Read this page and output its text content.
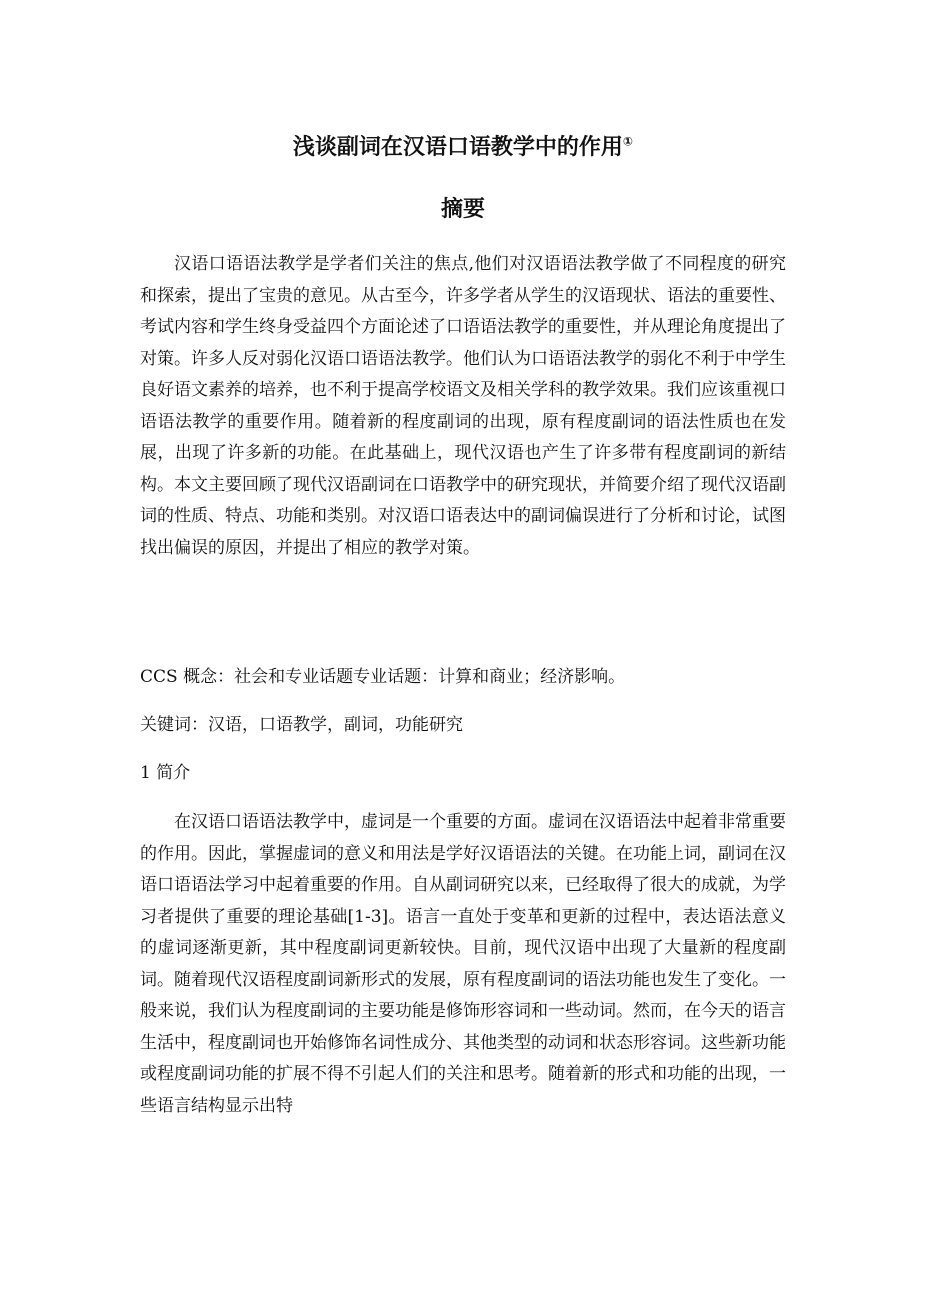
浅谈副词在汉语口语教学中的作用①
摘要

汉语口语语法教学是学者们关注的焦点,他们对汉语语法教学做了不同程度的研究和探索，提出了宝贵的意见。从古至今，许多学者从学生的汉语现状、语法的重要性、考试内容和学生终身受益四个方面论述了口语语法教学的重要性，并从理论角度提出了对策。许多人反对弱化汉语口语语法教学。他们认为口语语法教学的弱化不利于中学生良好语文素养的培养，也不利于提高学校语文及相关学科的教学效果。我们应该重视口语语法教学的重要作用。随着新的程度副词的出现，原有程度副词的语法性质也在发展，出现了许多新的功能。在此基础上，现代汉语也产生了许多带有程度副词的新结构。本文主要回顾了现代汉语副词在口语教学中的研究现状，并简要介绍了现代汉语副词的性质、特点、功能和类别。对汉语口语表达中的副词偏误进行了分析和讨论，试图找出偏误的原因，并提出了相应的教学对策。

CCS 概念：社会和专业话题专业话题：计算和商业；经济影响。

关键词：汉语，口语教学，副词，功能研究

1 简介

在汉语口语语法教学中，虚词是一个重要的方面。虚词在汉语语法中起着非常重要的作用。因此，掌握虚词的意义和用法是学好汉语语法的关键。在功能上词，副词在汉语口语语法学习中起着重要的作用。自从副词研究以来，已经取得了很大的成就，为学习者提供了重要的理论基础[1-3]。语言一直处于变革和更新的过程中，表达语法意义的虚词逐渐更新，其中程度副词更新较快。目前，现代汉语中出现了大量新的程度副词。随着现代汉语程度副词新形式的发展，原有程度副词的语法功能也发生了变化。一般来说，我们认为程度副词的主要功能是修饰形容词和一些动词。然而，在今天的语言生活中，程度副词也开始修饰名词性成分、其他类型的动词和状态形容词。这些新功能或程度副词功能的扩展不得不引起人们的关注和思考。随着新的形式和功能的出现，一些语言结构显示出特
